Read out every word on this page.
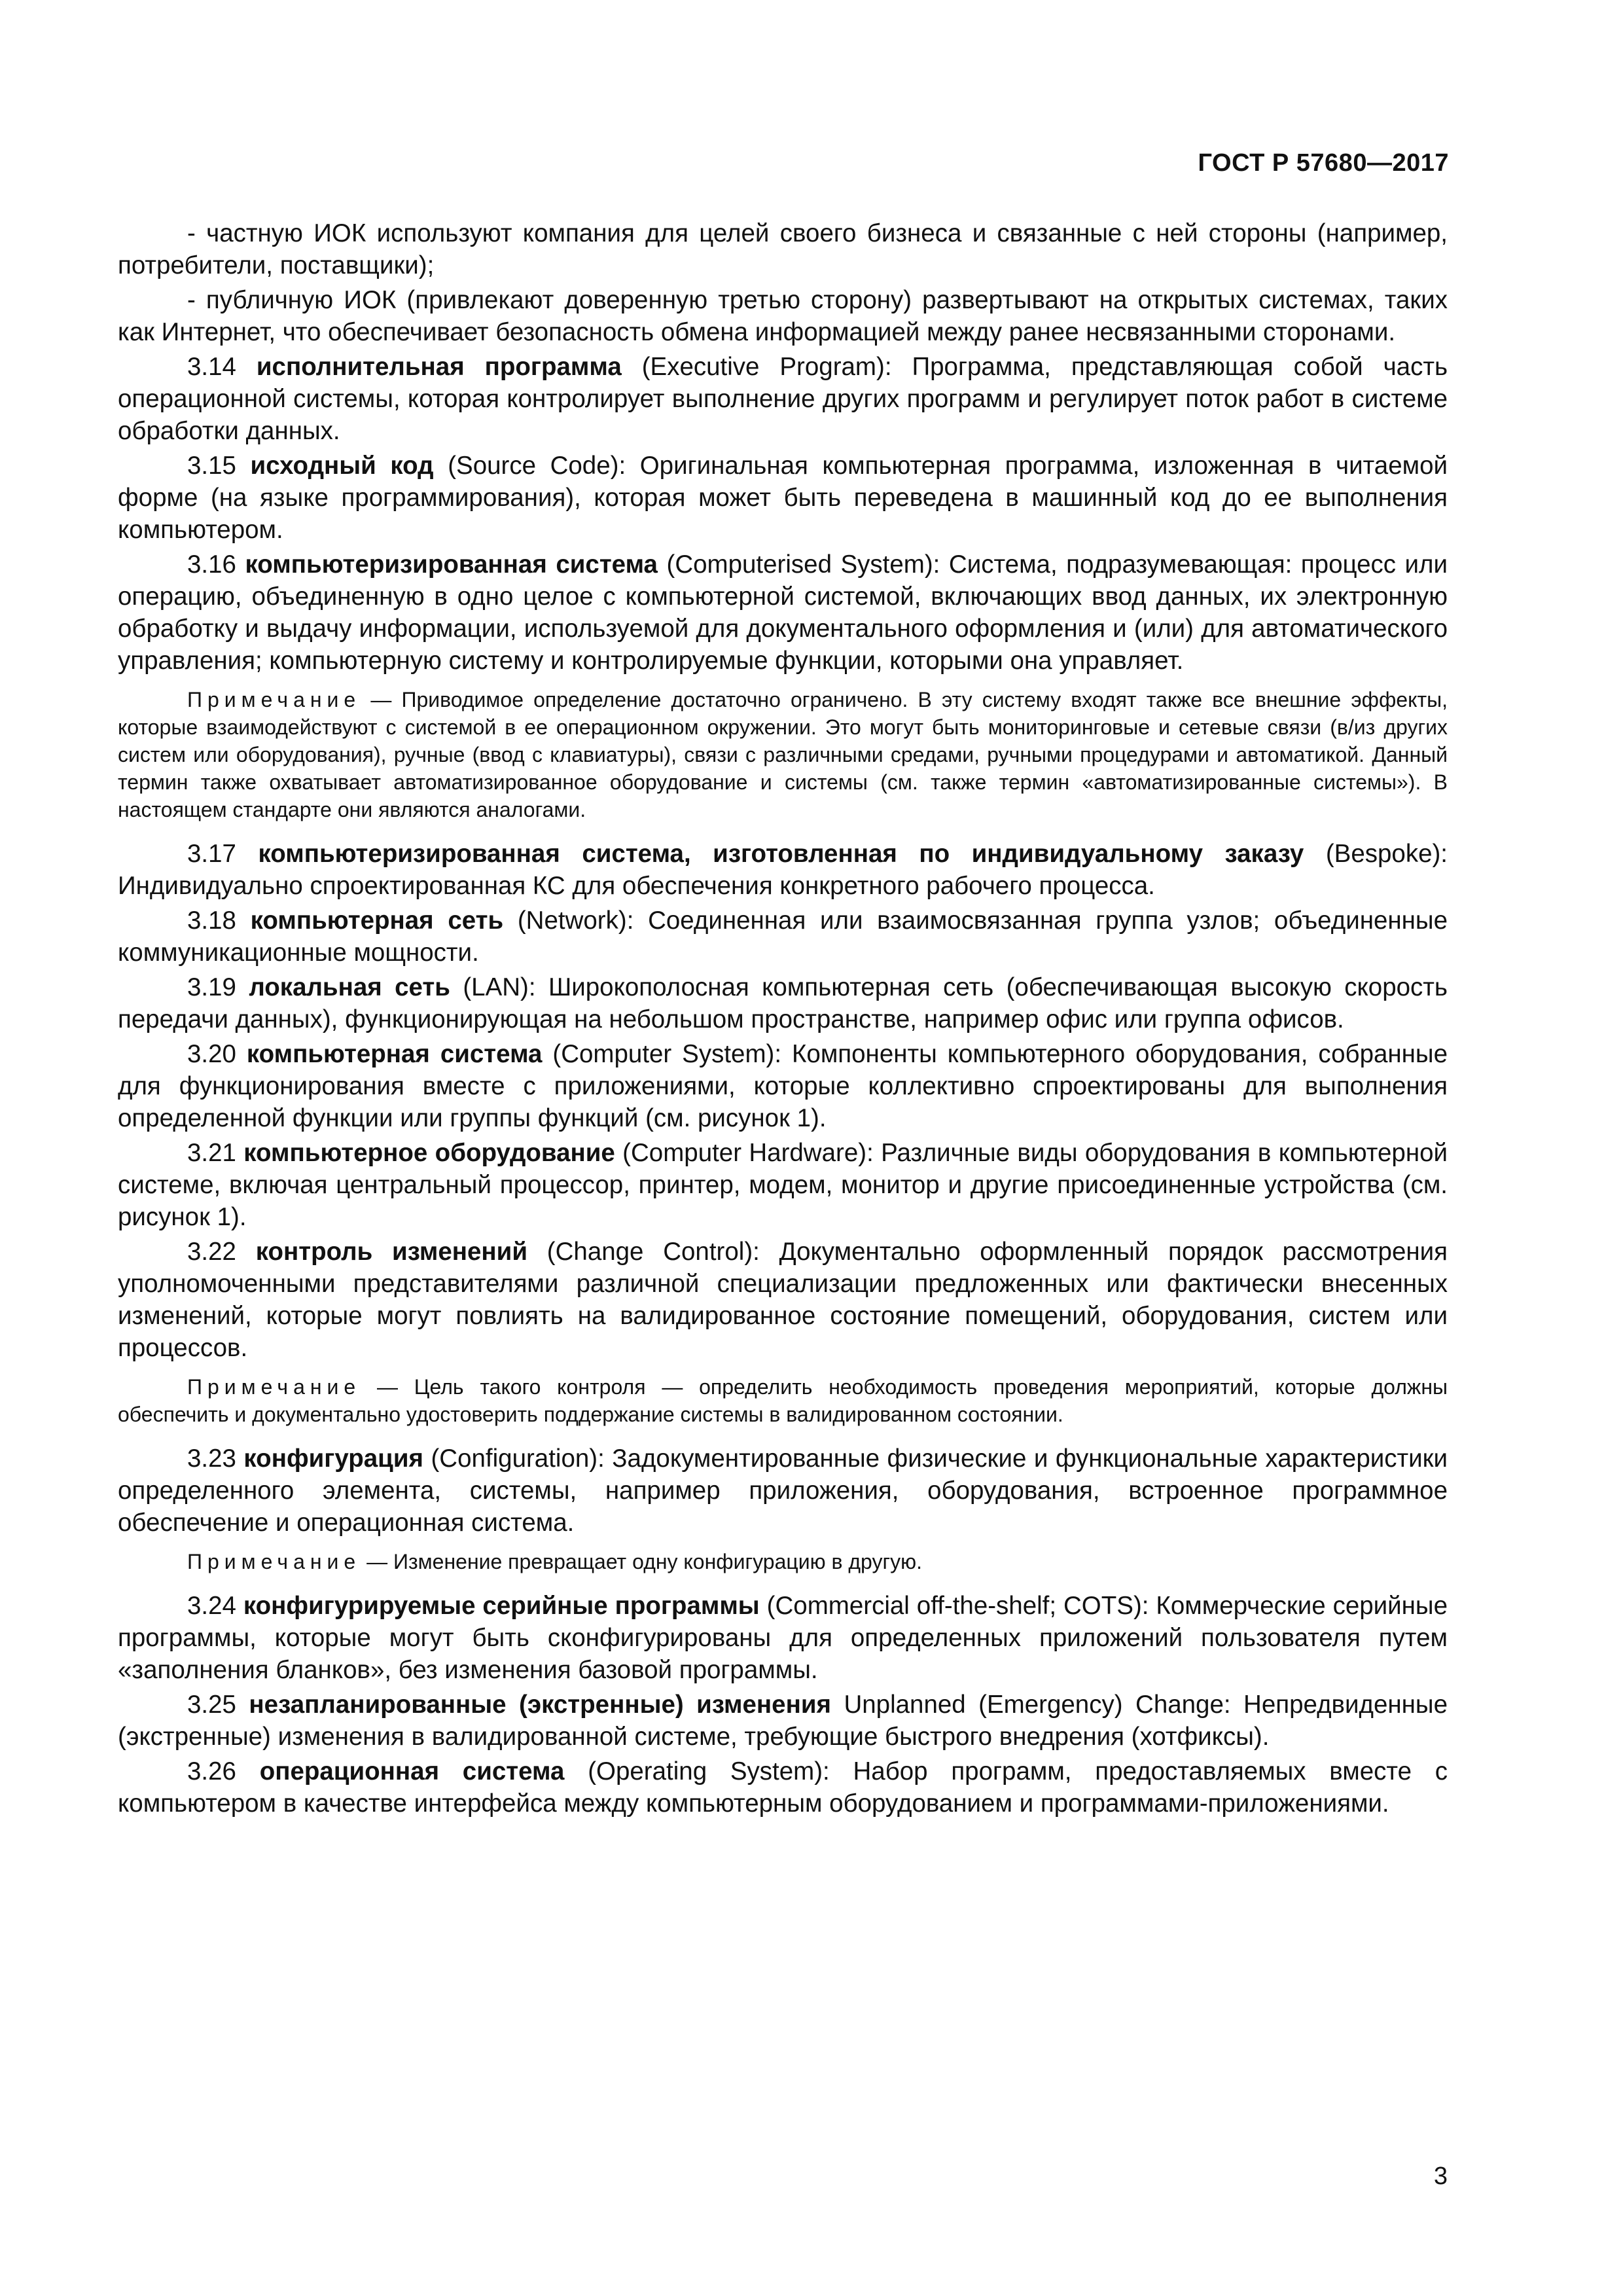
ГОСТ Р 57680—2017

- частную ИОК используют компания для целей своего бизнеса и связанные с ней стороны (например, потребители, поставщики);

- публичную ИОК (привлекают доверенную третью сторону) развертывают на открытых системах, таких как Интернет, что обеспечивает безопасность обмена информацией между ранее несвязанными сторонами.

3.14 исполнительная программа (Executive Program): Программа, представляющая собой часть операционной системы, которая контролирует выполнение других программ и регулирует поток работ в системе обработки данных.

3.15 исходный код (Source Code): Оригинальная компьютерная программа, изложенная в читаемой форме (на языке программирования), которая может быть переведена в машинный код до ее выполнения компьютером.

3.16 компьютеризированная система (Computerised System): Система, подразумевающая: процесс или операцию, объединенную в одно целое с компьютерной системой, включающих ввод данных, их электронную обработку и выдачу информации, используемой для документального оформления и (или) для автоматического управления; компьютерную систему и контролируемые функции, которыми она управляет.

Примечание — Приводимое определение достаточно ограничено. В эту систему входят также все внешние эффекты, которые взаимодействуют с системой в ее операционном окружении. Это могут быть мониторинговые и сетевые связи (в/из других систем или оборудования), ручные (ввод с клавиатуры), связи с различными средами, ручными процедурами и автоматикой. Данный термин также охватывает автоматизированное оборудование и системы (см. также термин «автоматизированные системы»). В настоящем стандарте они являются аналогами.

3.17 компьютеризированная система, изготовленная по индивидуальному заказу (Bespoke): Индивидуально спроектированная КС для обеспечения конкретного рабочего процесса.

3.18 компьютерная сеть (Network): Соединенная или взаимосвязанная группа узлов; объединенные коммуникационные мощности.

3.19 локальная сеть (LAN): Широкополосная компьютерная сеть (обеспечивающая высокую скорость передачи данных), функционирующая на небольшом пространстве, например офис или группа офисов.

3.20 компьютерная система (Computer System): Компоненты компьютерного оборудования, собранные для функционирования вместе с приложениями, которые коллективно спроектированы для выполнения определенной функции или группы функций (см. рисунок 1).

3.21 компьютерное оборудование (Computer Hardware): Различные виды оборудования в компьютерной системе, включая центральный процессор, принтер, модем, монитор и другие присоединенные устройства (см. рисунок 1).

3.22 контроль изменений (Change Control): Документально оформленный порядок рассмотрения уполномоченными представителями различной специализации предложенных или фактически внесенных изменений, которые могут повлиять на валидированное состояние помещений, оборудования, систем или процессов.

Примечание — Цель такого контроля — определить необходимость проведения мероприятий, которые должны обеспечить и документально удостоверить поддержание системы в валидированном состоянии.

3.23 конфигурация (Configuration): Задокументированные физические и функциональные характеристики определенного элемента, системы, например приложения, оборудования, встроенное программное обеспечение и операционная система.

Примечание — Изменение превращает одну конфигурацию в другую.

3.24 конфигурируемые серийные программы (Commercial off-the-shelf; COTS): Коммерческие серийные программы, которые могут быть сконфигурированы для определенных приложений пользователя путем «заполнения бланков», без изменения базовой программы.

3.25 незапланированные (экстренные) изменения Unplanned (Emergency) Change: Непредвиденные (экстренные) изменения в валидированной системе, требующие быстрого внедрения (хотфиксы).

3.26 операционная система (Operating System): Набор программ, предоставляемых вместе с компьютером в качестве интерфейса между компьютерным оборудованием и программами-приложениями.

3
